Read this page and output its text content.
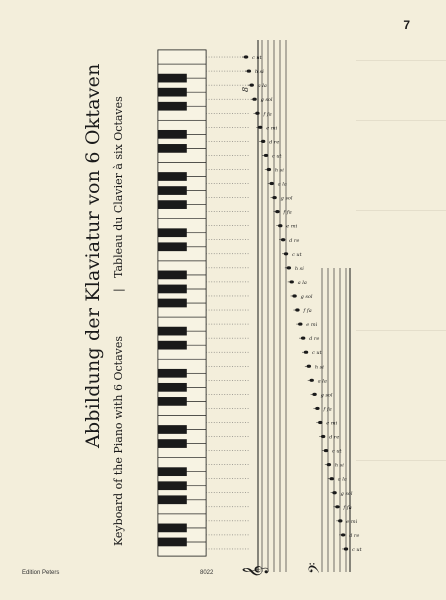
7
Abbildung der Klaviatur von 6 Oktaven Keyboard of the Piano with 6 Octaves
|
Tableau du Clavier à six Octaves
c ut
d re
e mi
f fa
g sol
a la
h si
c ut
d re
e mi
f fa
g sol
a la
h si
c ut
d re
e mi
f fa
g sol
a la
h si
c ut
d re
e mi
f fa
g sol
a la
h si
c ut
d re
e mi
f fa
g sol
a la
h si
c ut
𝄞 𝄢
8
Edition Peters	8022
